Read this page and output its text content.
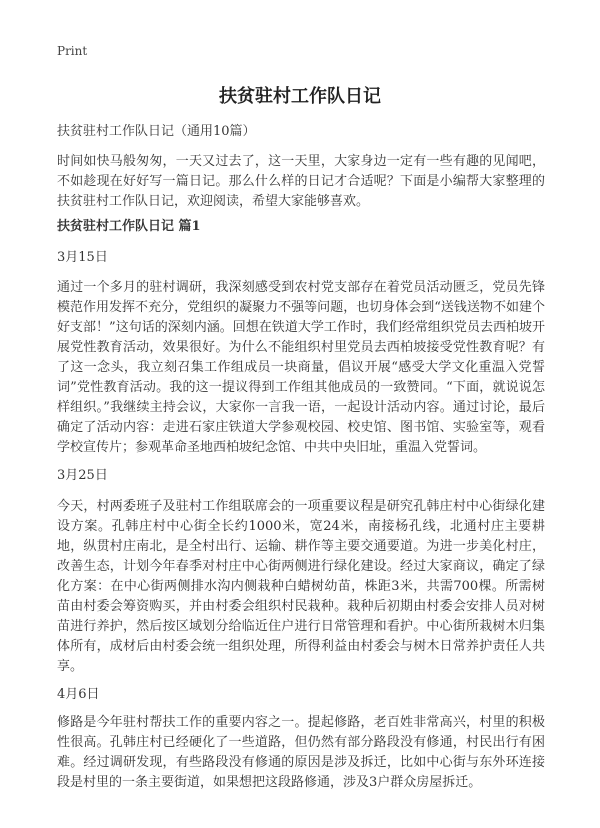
Print
扶贫驻村工作队日记
扶贫驻村工作队日记（通用10篇）
时间如快马般匆匆，一天又过去了，这一天里，大家身边一定有一些有趣的见闻吧，不如趁现在好好写一篇日记。那么什么样的日记才合适呢？下面是小编帮大家整理的扶贫驻村工作队日记，欢迎阅读，希望大家能够喜欢。
扶贫驻村工作队日记 篇1
3月15日
通过一个多月的驻村调研，我深刻感受到农村党支部存在着党员活动匮乏，党员先锋模范作用发挥不充分，党组织的凝聚力不强等问题，也切身体会到“送钱送物不如建个好支部！”这句话的深刻内涵。回想在铁道大学工作时，我们经常组织党员去西柏坡开展党性教育活动，效果很好。为什么不能组织村里党员去西柏坡接受党性教育呢？有了这一念头，我立刻召集工作组成员一块商量，倡议开展“感受大学文化重温入党誓词”党性教育活动。我的这一提议得到工作组其他成员的一致赞同。“下面，就说说怎样组织。”我继续主持会议，大家你一言我一语，一起设计活动内容。通过讨论，最后确定了活动内容：走进石家庄铁道大学参观校园、校史馆、图书馆、实验室等，观看学校宣传片；参观革命圣地西柏坡纪念馆、中共中央旧址，重温入党誓词。
3月25日
今天，村两委班子及驻村工作组联席会的一项重要议程是研究孔韩庄村中心街绿化建设方案。孔韩庄村中心街全长约1000米，宽24米，南接杨孔线，北通村庄主要耕地，纵贯村庄南北，是全村出行、运输、耕作等主要交通要道。为进一步美化村庄，改善生态，计划今年春季对村庄中心街两侧进行绿化建设。经过大家商议，确定了绿化方案：在中心街两侧排水沟内侧栽种白蜡树幼苗，株距3米，共需700棵。所需树苗由村委会筹资购买，并由村委会组织村民栽种。栽种后初期由村委会安排人员对树苗进行养护，然后按区域划分给临近住户进行日常管理和看护。中心街所栽树木归集体所有，成材后由村委会统一组织处理，所得利益由村委会与树木日常养护责任人共享。
4月6日
修路是今年驻村帮扶工作的重要内容之一。提起修路，老百姓非常高兴，村里的积极性很高。孔韩庄村已经硬化了一些道路，但仍然有部分路段没有修通，村民出行有困难。经过调研发现，有些路段没有修通的原因是涉及拆迁，比如中心街与东外环连接段是村里的一条主要街道，如果想把这段路修通，涉及3户群众房屋拆迁。
